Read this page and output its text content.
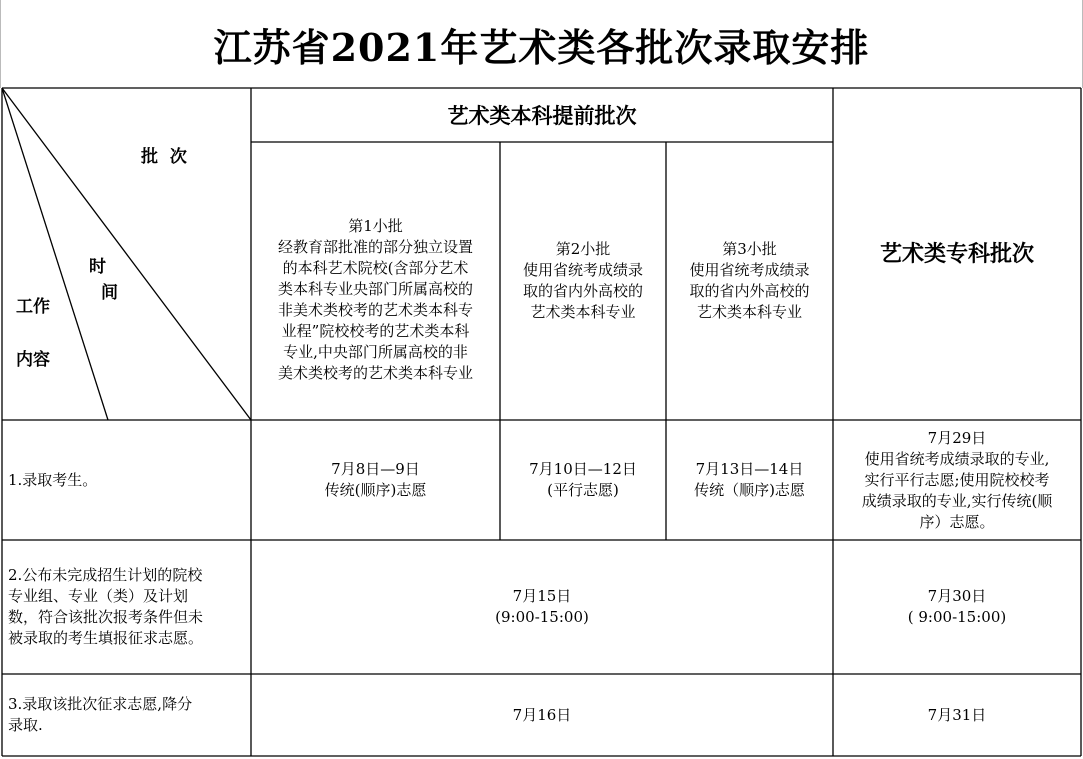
江苏省2021年艺术类各批次录取安排
批  次
时
间
工作
内容
艺术类本科提前批次
艺术类专科批次
第1小批
经教育部批准的部分独立设置
的本科艺术院校(含部分艺术
类本科专业央部门所属高校的
非美术类校考的艺术类本科专
业程”院校校考的艺术类本科
专业,中央部门所属高校的非
美术类校考的艺术类本科专业
第2小批
使用省统考成绩录
取的省内外高校的
艺术类本科专业
第3小批
使用省统考成绩录
取的省内外高校的
艺术类本科专业
1.录取考生。
7月8日—9日
传统(顺序)志愿
7月10日—12日
(平行志愿)
7月13日—14日
传统（顺序)志愿
7月29日
使用省统考成绩录取的专业,
实行平行志愿;使用院校校考
成绩录取的专业,实行传统(顺
序）志愿。
2.公布未完成招生计划的院校
专业组、专业（类）及计划
数，符合该批次报考条件但未
被录取的考生填报征求志愿。
7月15日
(9:00-15:00)
7月30日
( 9:00-15:00)
3.录取该批次征求志愿,降分
录取.
7月16日	7月31日
